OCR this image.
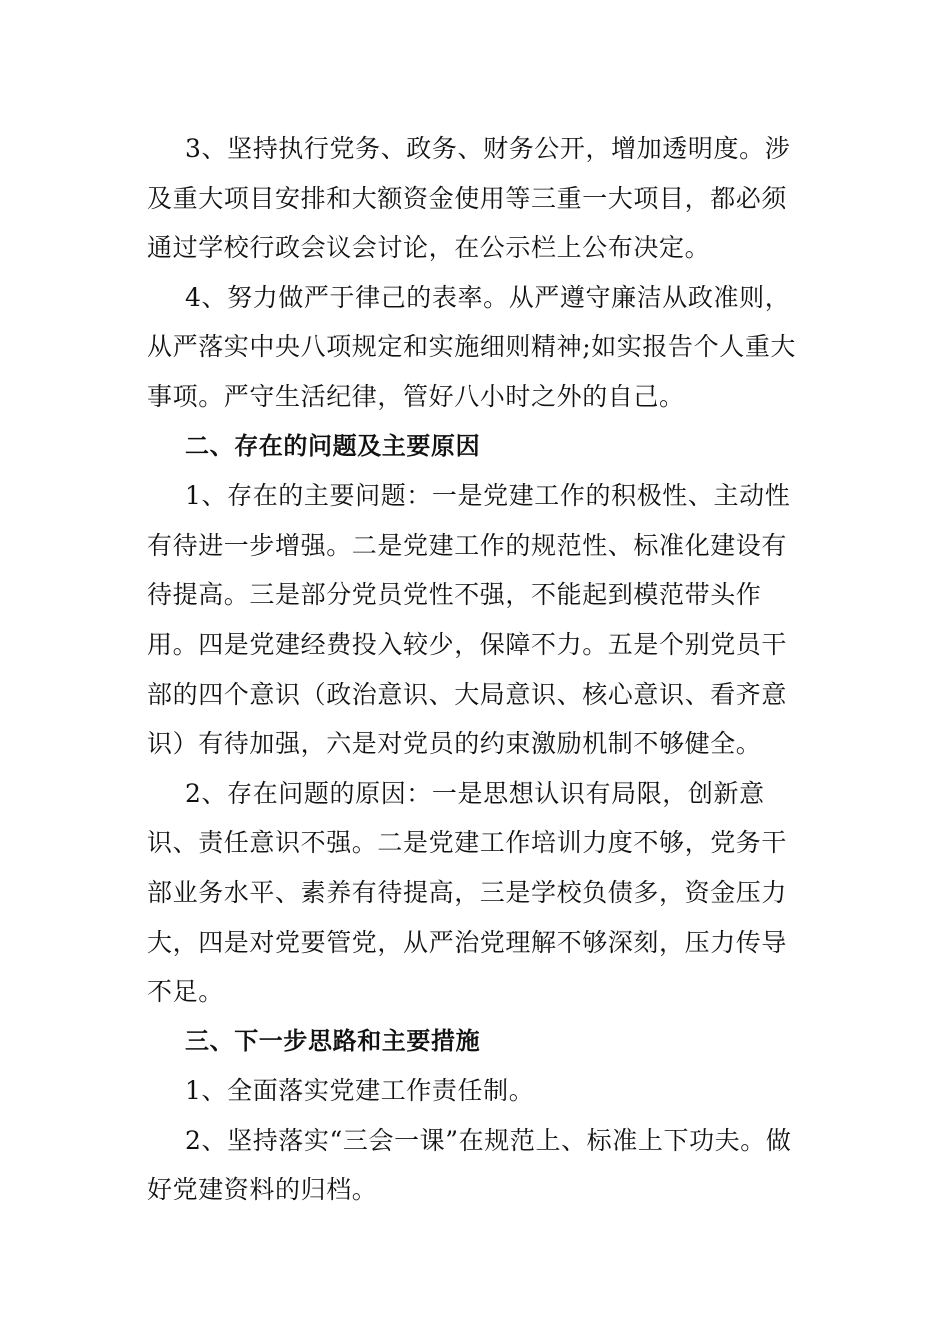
3、坚持执行党务、政务、财务公开，增加透明度。涉及重大项目安排和大额资金使用等三重一大项目，都必须通过学校行政会议会讨论，在公示栏上公布决定。

4、努力做严于律己的表率。从严遵守廉洁从政准则，从严落实中央八项规定和实施细则精神;如实报告个人重大事项。严守生活纪律，管好八小时之外的自己。

二、存在的问题及主要原因

1、存在的主要问题：一是党建工作的积极性、主动性有待进一步增强。二是党建工作的规范性、标准化建设有待提高。三是部分党员党性不强，不能起到模范带头作用。四是党建经费投入较少，保障不力。五是个别党员干部的四个意识（政治意识、大局意识、核心意识、看齐意识）有待加强，六是对党员的约束激励机制不够健全。

2、存在问题的原因：一是思想认识有局限，创新意识、责任意识不强。二是党建工作培训力度不够，党务干部业务水平、素养有待提高，三是学校负债多，资金压力大，四是对党要管党，从严治党理解不够深刻，压力传导不足。

三、下一步思路和主要措施

1、全面落实党建工作责任制。

2、坚持落实“三会一课”在规范上、标准上下功夫。做好党建资料的归档。
